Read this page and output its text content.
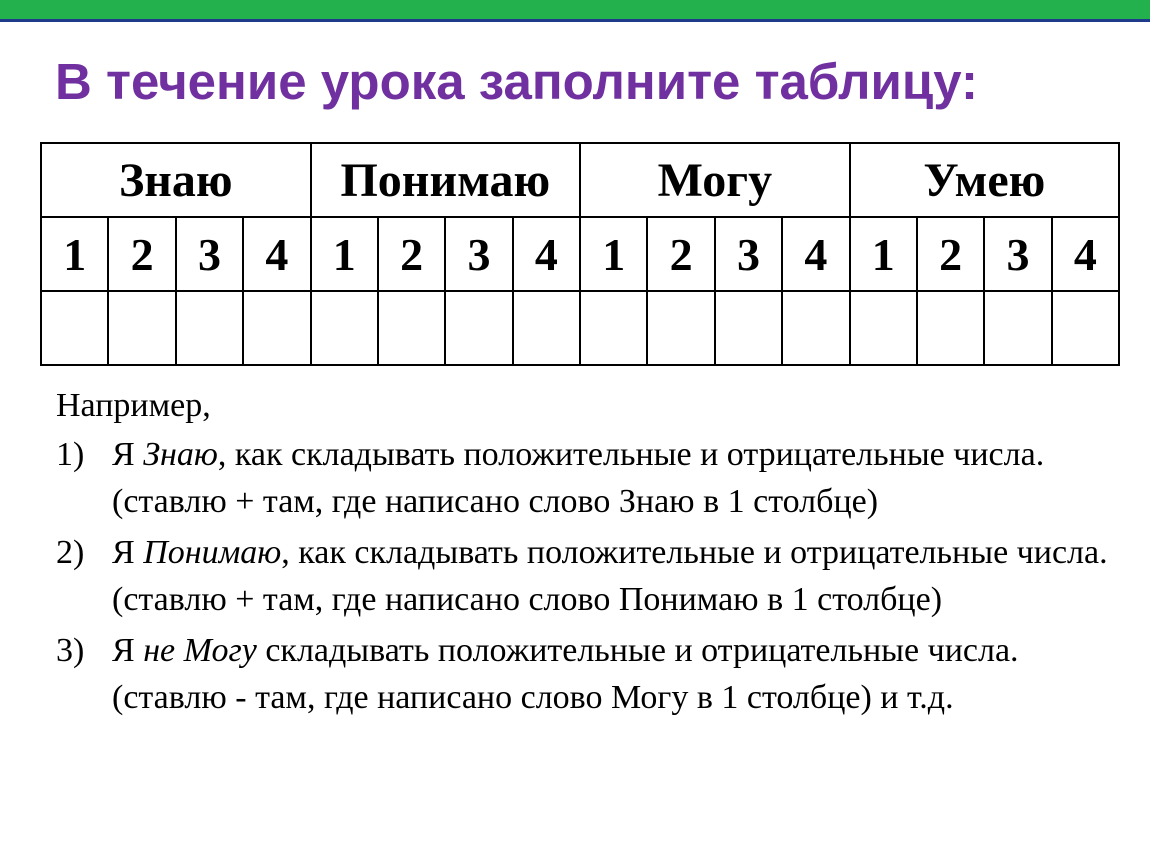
В течение урока заполните таблицу:
Знаю				Понимаю				Могу				Умею			
1	2	3	4	1	2	3	4	1	2	3	4	1	2	3	4

Например,
1) Я Знаю, как складывать положительные и отрицательные числа. (ставлю + там, где написано слово Знаю в 1 столбце)
2) Я Понимаю, как складывать положительные и отрицательные числа. (ставлю + там, где написано слово Понимаю в 1 столбце)
3) Я не Могу складывать положительные и отрицательные числа. (ставлю - там, где написано слово Могу в 1 столбце) и т.д.
